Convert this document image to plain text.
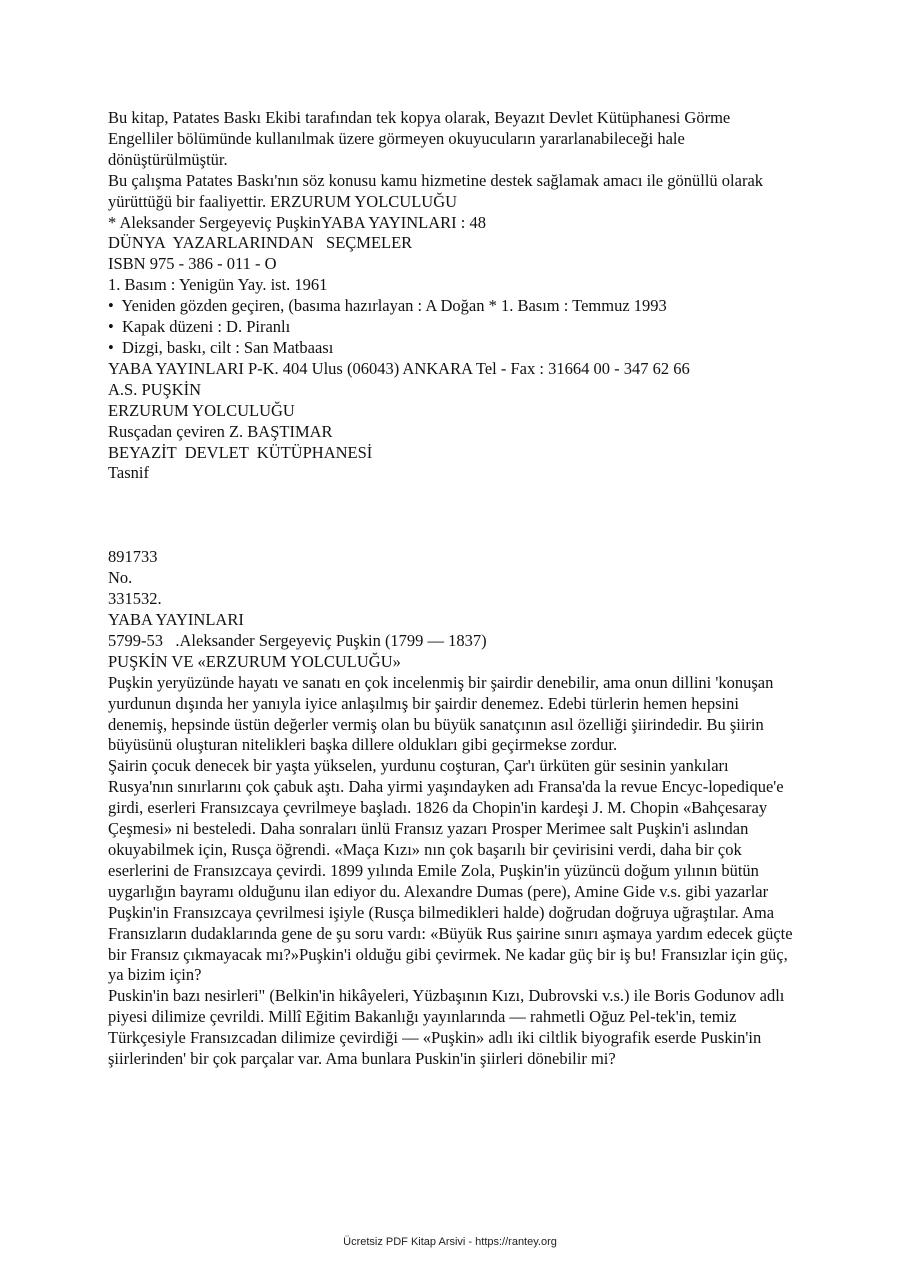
Bu kitap, Patates Baskı Ekibi tarafından tek kopya olarak, Beyazıt Devlet Kütüphanesi Görme Engelliler bölümünde kullanılmak üzere görmeyen okuyucuların yararlanabileceği hale dönüştürülmüştür.

Bu çalışma Patates Baskı'nın söz konusu kamu hizmetine destek sağlamak amacı ile gönüllü olarak yürüttüğü bir faaliyettir. ERZURUM YOLCULUĞU

* Aleksander Sergeyeviç PuşkinYABA YAYINLARI : 48

DÜNYA  YAZARLARINDAN   SEÇMELER

ISBN 975 - 386 - 011 - O

1. Basım : Yenigün Yay. ist. 1961

•  Yeniden gözden geçiren, (basıma hazırlayan : A Doğan * 1. Basım : Temmuz 1993

•  Kapak düzeni : D. Piranlı

•  Dizgi, baskı, cilt : San Matbaası

YABA YAYINLARI P-K. 404 Ulus (06043) ANKARA Tel - Fax : 31664 00 - 347 62 66

A.S. PUŞKİN

ERZURUM YOLCULUĞU

Rusçadan çeviren Z. BAŞTIMAR

BEYAZİT  DEVLET  KÜTÜPHANESİ

Tasnif

891733

No.

331532.

YABA YAYINLARI

5799-53   .Aleksander Sergeyeviç Puşkin (1799 — 1837)

PUŞKİN VE «ERZURUM YOLCULUĞU»

Puşkin yeryüzünde hayatı ve sanatı en çok incelenmiş bir şairdir denebilir, ama onun dillini 'konuşan yurdunun dışında her yanıyla iyice anlaşılmış bir şairdir denemez. Edebi türlerin hemen hepsini denemiş, hepsinde üstün değerler vermiş olan bu büyük sanatçının asıl özelliği şiirindedir. Bu şiirin büyüsünü oluşturan nitelikleri başka dillere oldukları gibi geçirmekse zordur.

Şairin çocuk denecek bir yaşta yükselen, yurdunu coşturan, Çar'ı ürküten gür sesinin yankıları Rusya'nın sınırlarını çok çabuk aştı. Daha yirmi yaşındayken adı Fransa'da la revue Encyc-lopedique'e girdi, eserleri Fransızcaya çevrilmeye başladı. 1826 da Chopin'in kardeşi J. M. Chopin «Bahçesaray Çeşmesi» ni besteledi. Daha sonraları ünlü Fransız yazarı Prosper Merimee salt Puşkin'i aslından okuyabilmek için, Rusça öğrendi. «Maça Kızı» nın çok başarılı bir çevirisini verdi, daha bir çok eserlerini de Fransızcaya çevirdi. 1899 yılında Emile Zola, Puşkin'in yüzüncü doğum yılının bütün uygarlığın bayramı olduğunu ilan ediyor du. Alexandre Dumas (pere), Amine Gide v.s. gibi yazarlar Puşkin'in Fransızcaya çevrilmesi işiyle (Rusça bilmedikleri halde) doğrudan doğruya uğraştılar. Ama Fransızların dudaklarında gene de şu soru vardı: «Büyük Rus şairine sınırı aşmaya yardım edecek güçte bir Fransız çıkmayacak mı?»Puşkin'i olduğu gibi çevirmek. Ne kadar güç bir iş bu! Fransızlar için güç, ya bizim için?

Puskin'in bazı nesirleri" (Belkin'in hikâyeleri, Yüzbaşının Kızı, Dubrovski v.s.) ile Boris Godunov adlı piyesi dilimize çevrildi. Millî Eğitim Bakanlığı yayınlarında — rahmetli Oğuz Pel-tek'in, temiz Türkçesiyle Fransızcadan dilimize çevirdiği — «Puşkin» adlı iki ciltlik biyografik eserde Puskin'in şiirlerinden' bir çok parçalar var. Ama bunlara Puskin'in şiirleri dönebilir mi?

Ücretsiz PDF Kitap Arsivi - https://rantey.org
